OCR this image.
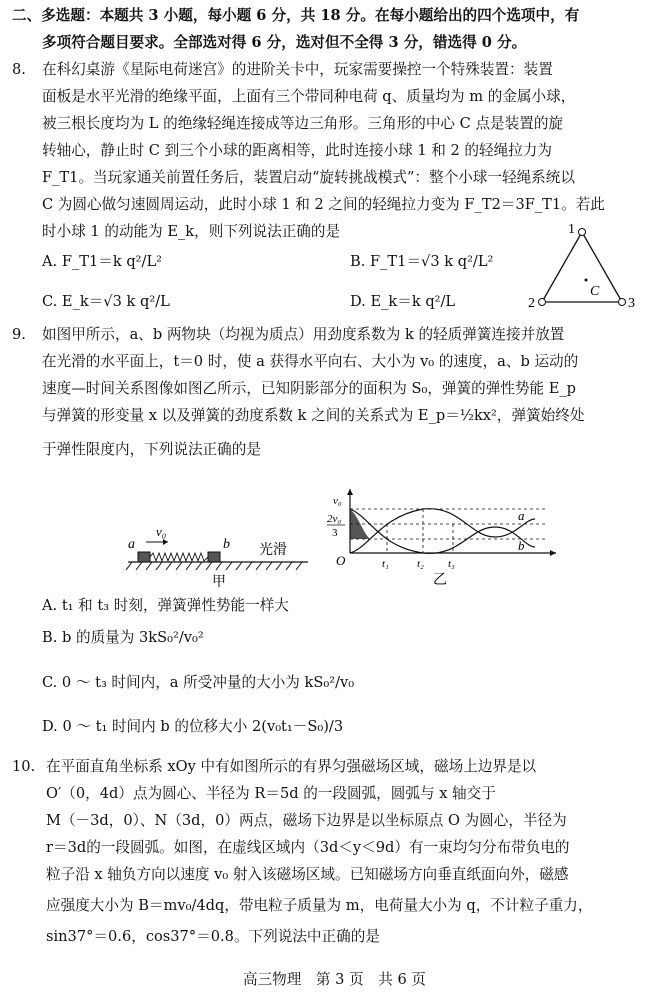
二、多选题：本题共 3 小题，每小题 6 分，共 18 分。在每小题给出的四个选项中，有
多项符合题目要求。全部选对得 6 分，选对但不全得 3 分，错选得 0 分。
8. 在科幻桌游《星际电荷迷宫》的进阶关卡中，玩家需要操控一个特殊装置：装置
面板是水平光滑的绝缘平面，上面有三个带同种电荷 q、质量均为 m 的金属小球，
被三根长度均为 L 的绝缘轻绳连接成等边三角形。三角形的中心 C 点是装置的旋
转轴心，静止时 C 到三个小球的距离相等，此时连接小球 1 和 2 的轻绳拉力为
F_T1。当玩家通关前置任务后，装置启动“旋转挑战模式”：整个小球一轻绳系统以
C 为圆心做匀速圆周运动，此时小球 1 和 2 之间的轻绳拉力变为 F_T2＝3F_T1。若此
时小球 1 的动能为 E_k，则下列说法正确的是
A. F_T1＝k q²/L²	B. F_T1＝√3 k q²/L²
C. E_k＝√3 k q²/L	D. E_k＝k q²/L
1
2	3
C
9. 如图甲所示，a、b 两物块（均视为质点）用劲度系数为 k 的轻质弹簧连接并放置
在光滑的水平面上，t＝0 时，使 a 获得水平向右、大小为 v₀ 的速度，a、b 运动的
速度—时间关系图像如图乙所示，已知阴影部分的面积为 S₀，弹簧的弹性势能 E_p
与弹簧的形变量 x 以及弹簧的劲度系数 k 之间的关系式为 E_p＝½kx²，弹簧始终处
于弹性限度内，下列说法正确的是
a
v₀
b 光滑
甲
v₀
2v₀
3
O	t₁	t₂ t₃
a
b
乙
A. t₁ 和 t₃ 时刻，弹簧弹性势能一样大
B. b 的质量为 3kS₀²/v₀²
C. 0 ～ t₃ 时间内，a 所受冲量的大小为 kS₀²/v₀
D. 0 ～ t₁ 时间内 b 的位移大小 2(v₀t₁－S₀)/3
10. 在平面直角坐标系 xOy 中有如图所示的有界匀强磁场区域，磁场上边界是以
O′（0，4d）点为圆心、半径为 R＝5d 的一段圆弧，圆弧与 x 轴交于
M（－3d，0）、N（3d，0）两点，磁场下边界是以坐标原点 O 为圆心，半径为
r＝3d的一段圆弧。如图，在虚线区域内（3d＜y＜9d）有一束均匀分布带负电的
粒子沿 x 轴负方向以速度 v₀ 射入该磁场区域。已知磁场方向垂直纸面向外，磁感
应强度大小为 B＝mv₀/4dq，带电粒子质量为 m，电荷量大小为 q，不计粒子重力，
sin37°＝0.6，cos37°＝0.8。下列说法中正确的是
高三物理　第 3 页　共 6 页
